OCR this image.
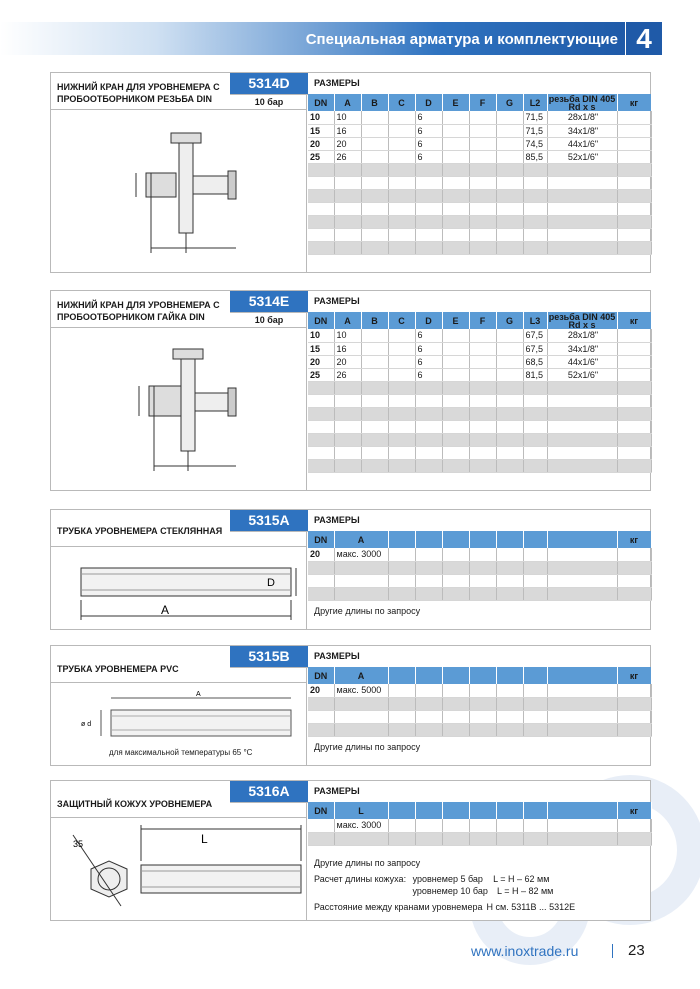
Специальная арматура и комплектующие 4
НИЖНИЙ КРАН ДЛЯ УРОВНЕМЕРА С ПРОБООТБОРНИКОМ РЕЗЬБА DIN
5314D
10 бар
РАЗМЕРЫ
DN	A	B	C	D	E	F	G	L2	резьба DIN 405 Rd x s	кг
10	10			6				71,5	28x1/8"	
15	16			6				71,5	34x1/8"	
20	20			6				74,5	44x1/6"	
25	26			6				85,5	52x1/6"	

НИЖНИЙ КРАН ДЛЯ УРОВНЕМЕРА С ПРОБООТБОРНИКОМ ГАЙКА DIN
5314E
10 бар
РАЗМЕРЫ
DN	A	B	C	D	E	F	G	L3	резьба DIN 405 Rd x s	кг
10	10			6				67,5	28x1/8"	
15	16			6				67,5	34x1/8"	
20	20			6				68,5	44x1/6"	
25	26			6				81,5	52x1/6"	

ТРУБКА УРОВНЕМЕРА СТЕКЛЯННАЯ
5315A
A
D
РАЗМЕРЫ
DN	A								кг
20	макс. 3000								

Другие длины по запросу
ТРУБКА УРОВНЕМЕРА PVC
5315B
A
ø d
для максимальной температуры 65 °C
РАЗМЕРЫ
DN	A								кг
20	макс. 5000								

Другие длины по запросу
ЗАЩИТНЫЙ КОЖУХ УРОВНЕМЕРА
5316A
L
35
РАЗМЕРЫ
DN	L								кг
	макс. 3000								

Другие длины по запросу
Расчет длины кожуха: уровнемер 5 бар L = H – 62 мм
уровнемер 10 бар L = H – 82 мм
Расстояние между кранами уровнемера H см. 5311B ... 5312E
www.inoxtrade.ru	23
